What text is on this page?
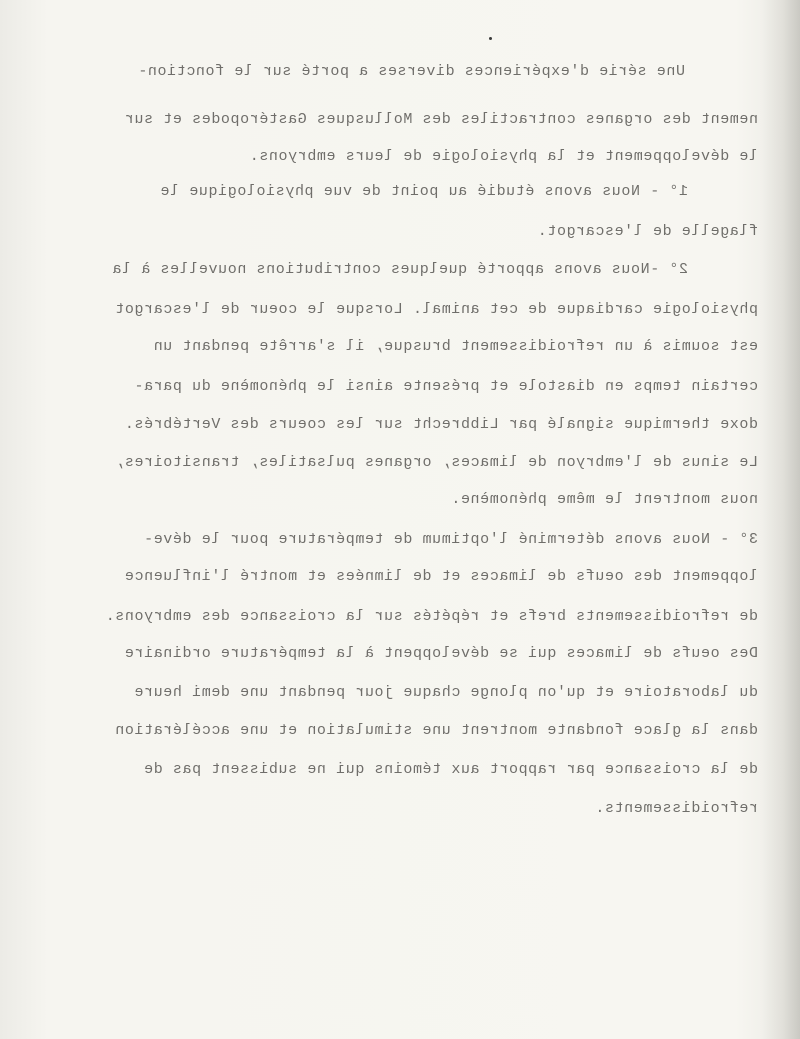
Une série d'expériences diverses a porté sur le fonction-

nement des organes contractiles des Mollusques Gastéropodes et sur

le développement et la physiologie de leurs embryons.

1° - Nous avons étudié au point de vue physiologique le

flagelle de l'escargot.

2° -Nous avons apporté quelques contributions nouvelles à la

physiologie cardiaque de cet animal. Lorsque le coeur de l'escargot

est soumis à un refroidissement brusque, il s'arrête pendant un

certain temps en diastole et présente ainsi le phénomène du para-

doxe thermique signalé par Libbrecht sur les coeurs des Vertébrés.

Le sinus de l'embryon de limaces, organes pulsatiles, transitoires,

nous montrent le même phénomène.

3° - Nous avons déterminé l'optimum de température pour le déve-

loppement des oeufs de limaces et de limnées et montré l'influence

de refroidissements brefs et répétés sur la croissance des embryons.

Des oeufs de limaces qui se développent à la température ordinaire

du laboratoire et qu'on plonge chaque jour pendant une demi heure

dans la glace fondante montrent une stimulation et une accélération

de la croissance par rapport aux témoins qui ne subissent pas de

refroidissements.
